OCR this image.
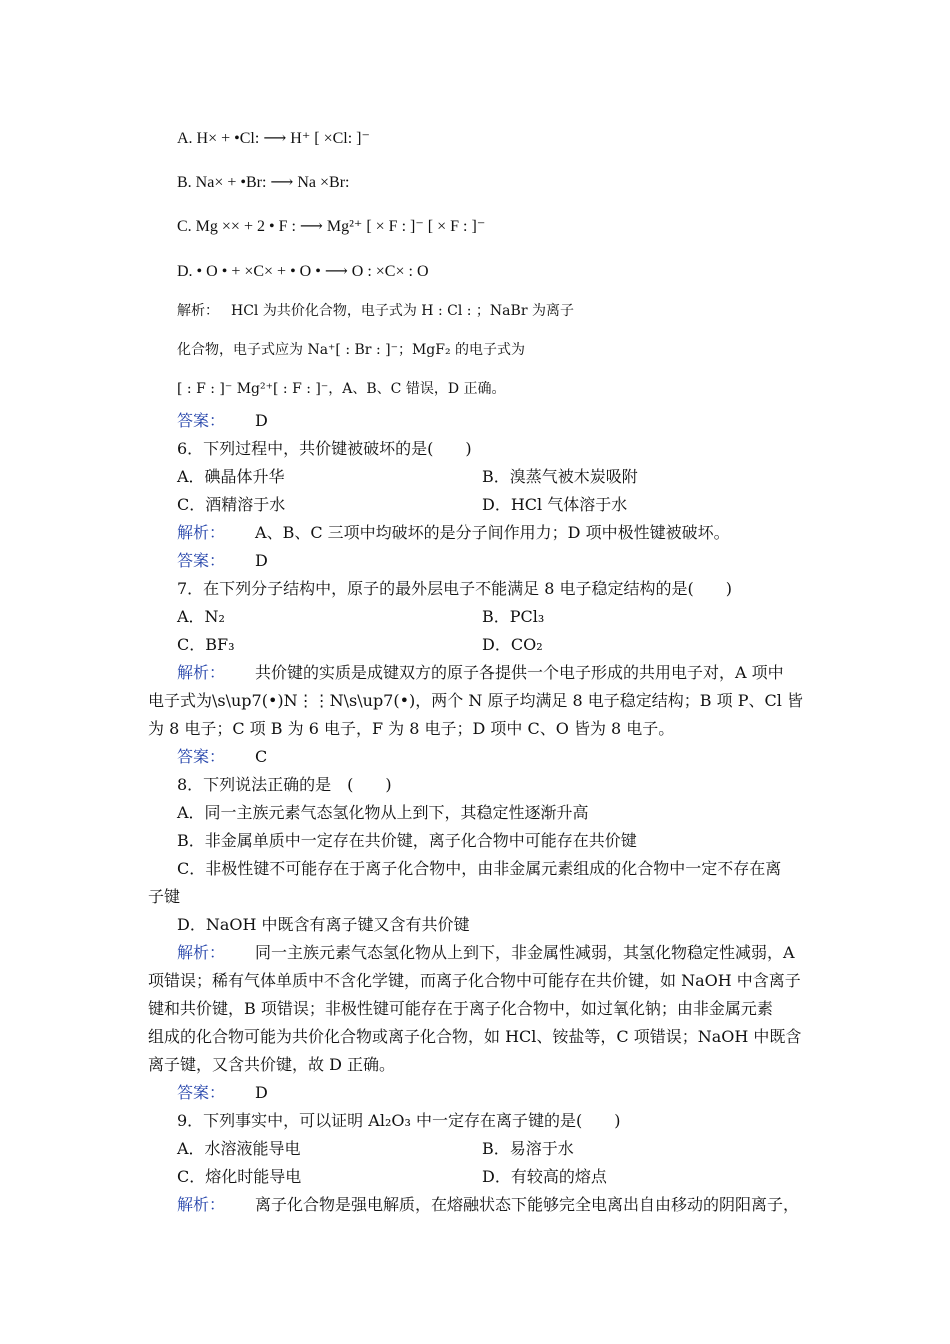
A. H× + •Cl: ⟶ H⁺ [ ×Cl: ]⁻
B. Na× + •Br: ⟶ Na ×Br:
C. Mg ×× + 2 • F : ⟶ Mg²⁺ [ × F : ]⁻ [ × F : ]⁻
D. • O • + ×C× + • O • ⟶ O : ×C× : O
解析： HCl 为共价化合物，电子式为 H : Cl : ；NaBr 为离子
化合物，电子式应为 Na⁺[ : Br : ]⁻；MgF₂ 的电子式为
[ : F : ]⁻ Mg²⁺[ : F : ]⁻，A、B、C 错误，D 正确。
答案： D
6．下列过程中，共价键被破坏的是(　　)
A．碘晶体升华	B．溴蒸气被木炭吸附
C．酒精溶于水	D．HCl 气体溶于水
解析： A、B、C 三项中均破坏的是分子间作用力；D 项中极性键被破坏。
答案： D
7．在下列分子结构中，原子的最外层电子不能满足 8 电子稳定结构的是(　　)
A．N₂	B．PCl₃
C．BF₃	D．CO₂
解析： 共价键的实质是成键双方的原子各提供一个电子形成的共用电子对，A 项中
电子式为\s\up7(•)N⋮⋮N\s\up7(•)，两个 N 原子均满足 8 电子稳定结构；B 项 P、Cl 皆
为 8 电子；C 项 B 为 6 电子，F 为 8 电子；D 项中 C、O 皆为 8 电子。
答案： C
8．下列说法正确的是　(　　)
A．同一主族元素气态氢化物从上到下，其稳定性逐渐升高
B．非金属单质中一定存在共价键，离子化合物中可能存在共价键
C．非极性键不可能存在于离子化合物中，由非金属元素组成的化合物中一定不存在离
子键
D．NaOH 中既含有离子键又含有共价键
解析： 同一主族元素气态氢化物从上到下，非金属性减弱，其氢化物稳定性减弱，A
项错误；稀有气体单质中不含化学键，而离子化合物中可能存在共价键，如 NaOH 中含离子
键和共价键，B 项错误；非极性键可能存在于离子化合物中，如过氧化钠；由非金属元素
组成的化合物可能为共价化合物或离子化合物，如 HCl、铵盐等，C 项错误；NaOH 中既含
离子键，又含共价键，故 D 正确。
答案： D
9．下列事实中，可以证明 Al₂O₃ 中一定存在离子键的是(　　)
A．水溶液能导电	B．易溶于水
C．熔化时能导电	D．有较高的熔点
解析： 离子化合物是强电解质，在熔融状态下能够完全电离出自由移动的阴阳离子，
